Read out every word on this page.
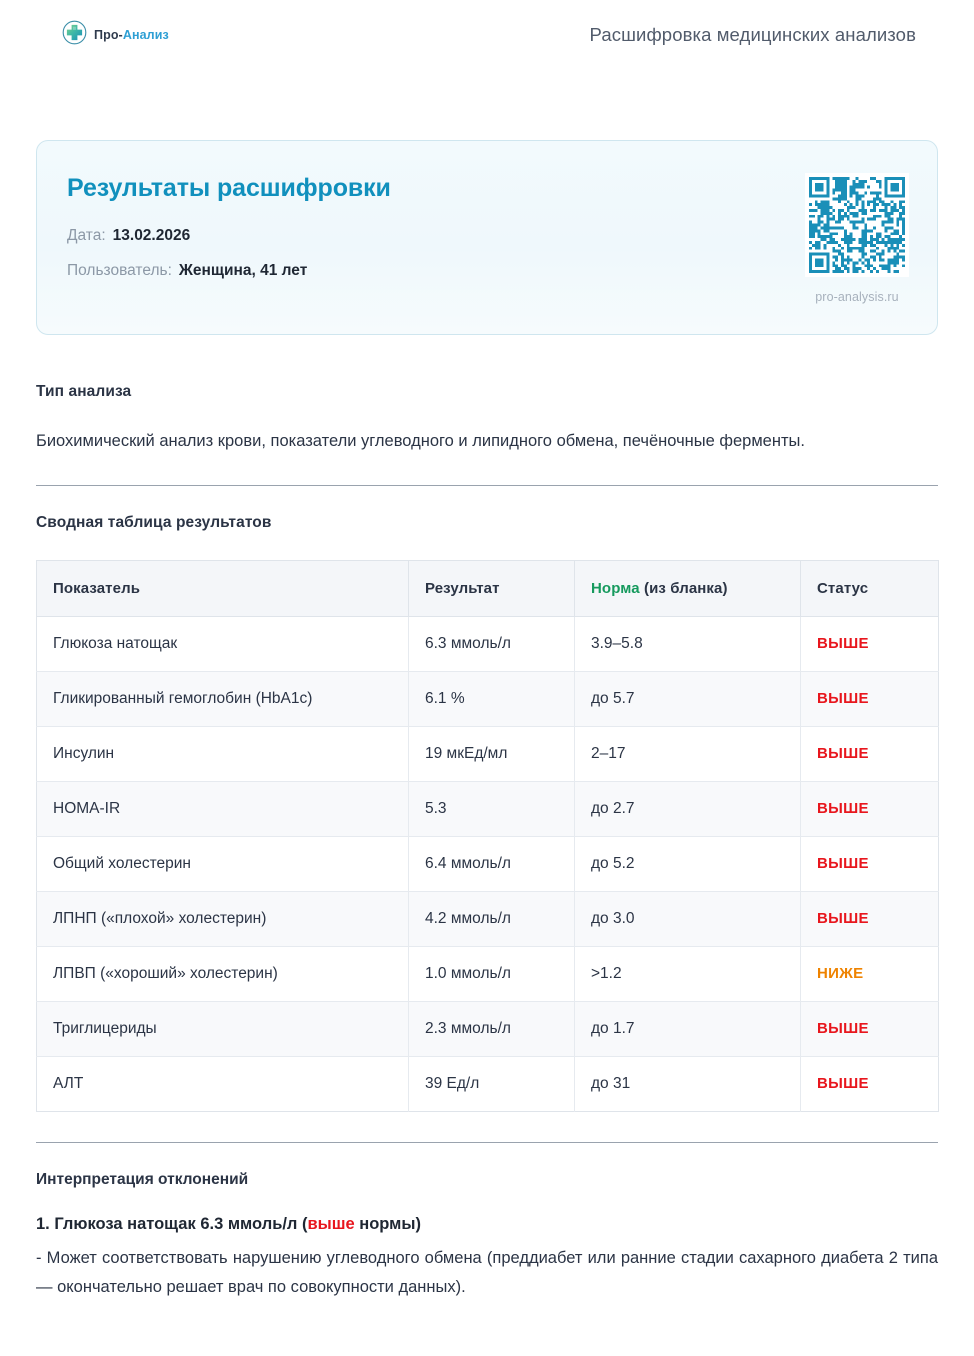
Про-Анализ	Расшифровка медицинских анализов
Результаты расшифровки
Дата: 13.02.2026
Пользователь: Женщина, 41 лет
pro-analysis.ru
Тип анализа

Биохимический анализ крови, показатели углеводного и липидного обмена, печёночные ферменты.

Сводная таблица результатов
Показатель	Результат	Норма (из бланка)	Статус
Глюкоза натощак	6.3 ммоль/л	3.9–5.8	ВЫШЕ
Гликированный гемоглобин (HbA1c)	6.1 %	до 5.7	ВЫШЕ
Инсулин	19 мкЕд/мл	2–17	ВЫШЕ
HOMA-IR	5.3	до 2.7	ВЫШЕ
Общий холестерин	6.4 ммоль/л	до 5.2	ВЫШЕ
ЛПНП («плохой» холестерин)	4.2 ммоль/л	до 3.0	ВЫШЕ
ЛПВП («хороший» холестерин)	1.0 ммоль/л	>1.2	НИЖЕ
Триглицериды	2.3 ммоль/л	до 1.7	ВЫШЕ
АЛТ	39 Ед/л	до 31	ВЫШЕ
Интерпретация отклонений
1. Глюкоза натощак 6.3 ммоль/л (выше нормы)

- Может соответствовать нарушению углеводного обмена (преддиабет или ранние стадии сахарного диабета 2 типа — окончательно решает врач по совокупности данных).
